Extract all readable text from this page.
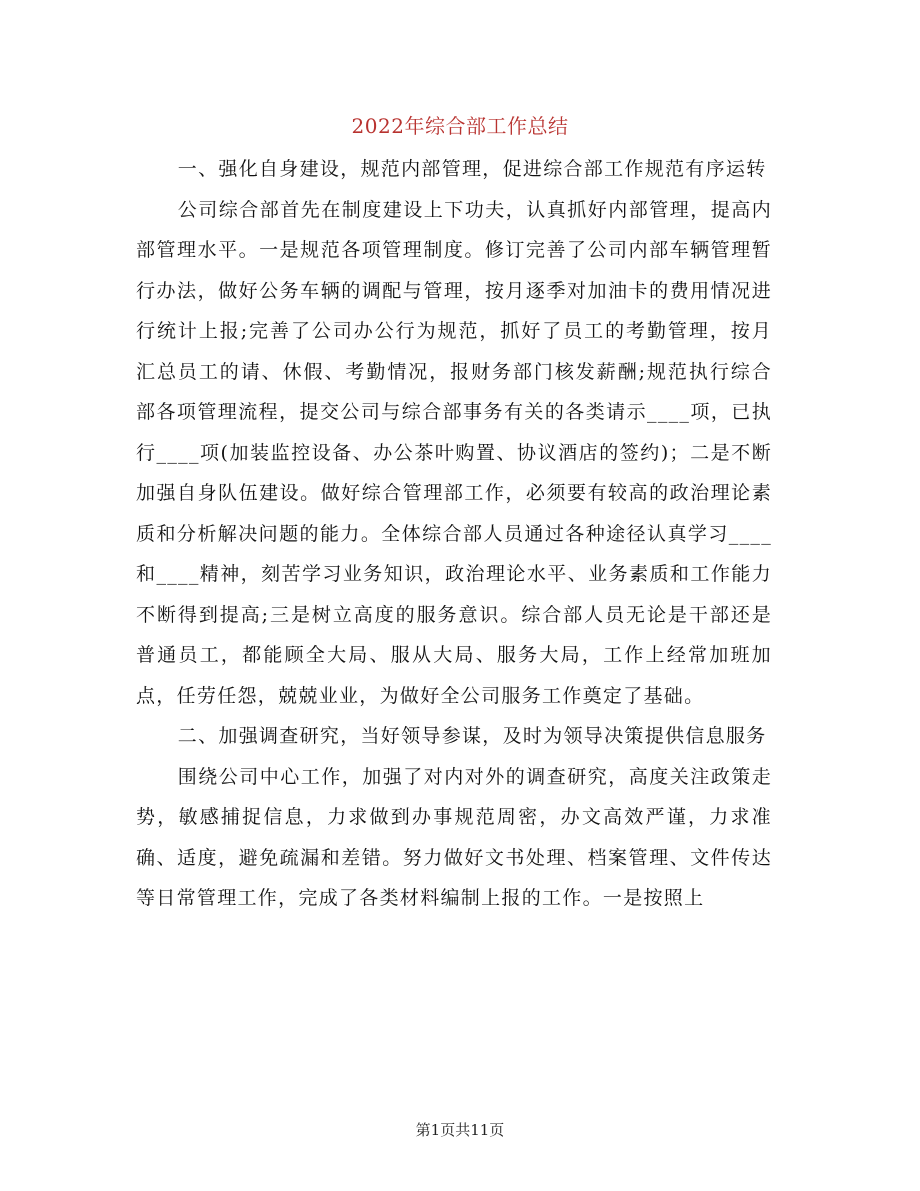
2022年综合部工作总结

一、强化自身建设，规范内部管理，促进综合部工作规范有序运转

公司综合部首先在制度建设上下功夫，认真抓好内部管理，提高内部管理水平。一是规范各项管理制度。修订完善了公司内部车辆管理暂行办法，做好公务车辆的调配与管理，按月逐季对加油卡的费用情况进行统计上报;完善了公司办公行为规范，抓好了员工的考勤管理，按月汇总员工的请、休假、考勤情况，报财务部门核发薪酬;规范执行综合部各项管理流程，提交公司与综合部事务有关的各类请示____项，已执行____项(加装监控设备、办公茶叶购置、协议酒店的签约)；二是不断加强自身队伍建设。做好综合管理部工作，必须要有较高的政治理论素质和分析解决问题的能力。全体综合部人员通过各种途径认真学习____和____精神，刻苦学习业务知识，政治理论水平、业务素质和工作能力不断得到提高;三是树立高度的服务意识。综合部人员无论是干部还是普通员工，都能顾全大局、服从大局、服务大局，工作上经常加班加点，任劳任怨，兢兢业业，为做好全公司服务工作奠定了基础。

二、加强调查研究，当好领导参谋，及时为领导决策提供信息服务

围绕公司中心工作，加强了对内对外的调查研究，高度关注政策走势，敏感捕捉信息，力求做到办事规范周密，办文高效严谨，力求准确、适度，避免疏漏和差错。努力做好文书处理、档案管理、文件传达等日常管理工作，完成了各类材料编制上报的工作。一是按照上

第1页共11页
